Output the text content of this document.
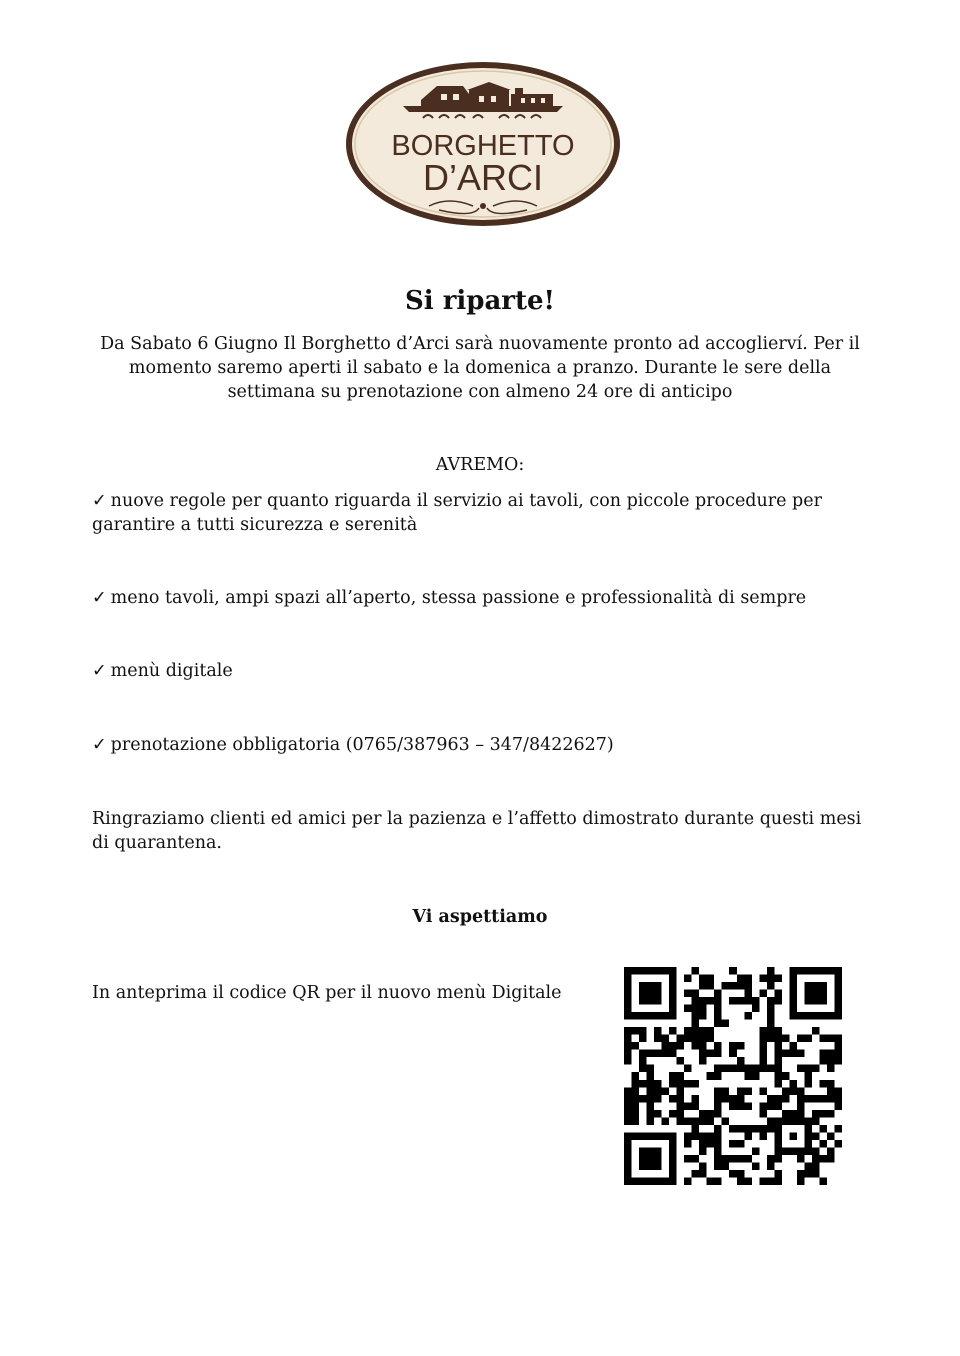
BORGHETTO
D’ARCI
Si riparte!

Da Sabato 6 Giugno Il Borghetto d’Arci sarà nuovamente pronto ad accoglierví. Per il momento saremo aperti il sabato e la domenica a pranzo. Durante le sere della settimana su prenotazione con almeno 24 ore di anticipo

AVREMO:

✓ nuove regole per quanto riguarda il servizio ai tavoli, con piccole procedure per garantire a tutti sicurezza e serenità

✓ meno tavoli, ampi spazi all’aperto, stessa passione e professionalità di sempre

✓ menù digitale

✓ prenotazione obbligatoria (0765/387963 – 347/8422627)

Ringraziamo clienti ed amici per la pazienza e l’affetto dimostrato durante questi mesi di quarantena.

Vi aspettiamo
In anteprima il codice QR per il nuovo menù Digitale
